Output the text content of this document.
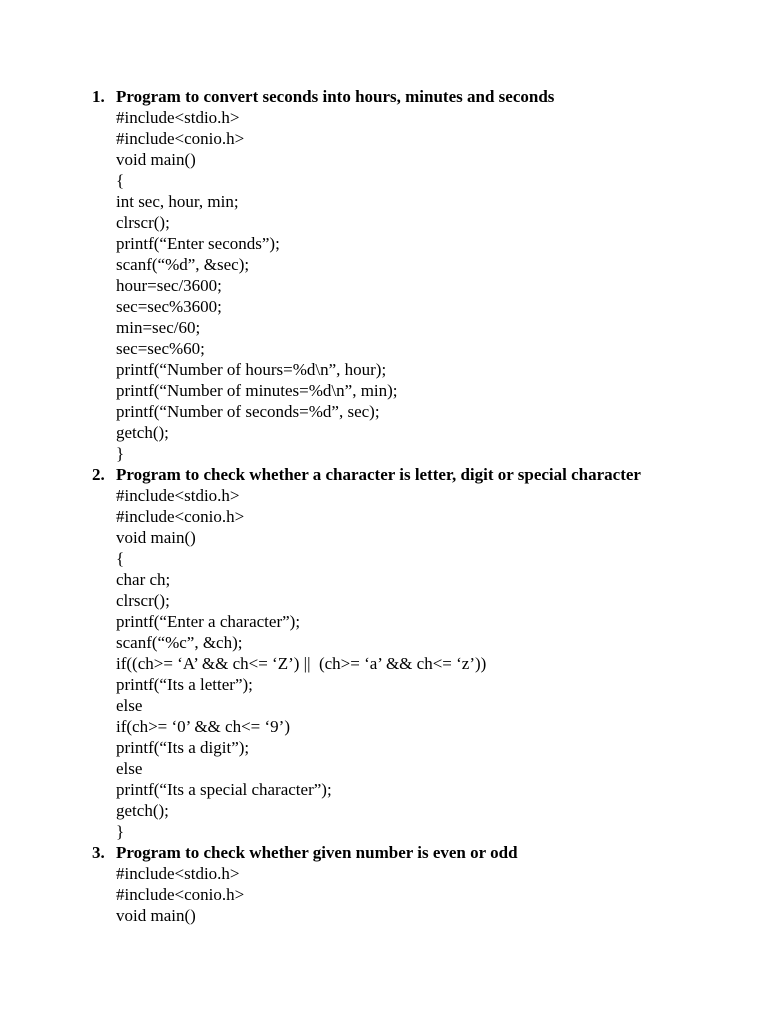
1. Program to convert seconds into hours, minutes and seconds
#include<stdio.h>
#include<conio.h>
void main()
{
int sec, hour, min;
clrscr();
printf(“Enter seconds”);
scanf(“%d”, &sec);
hour=sec/3600;
sec=sec%3600;
min=sec/60;
sec=sec%60;
printf(“Number of hours=%d\n”, hour);
printf(“Number of minutes=%d\n”, min);
printf(“Number of seconds=%d”, sec);
getch();
}
2. Program to check whether a character is letter, digit or special character
#include<stdio.h>
#include<conio.h>
void main()
{
char ch;
clrscr();
printf(“Enter a character”);
scanf(“%c”, &ch);
if((ch>= ‘A’ && ch<= ‘Z’) ||  (ch>= ‘a’ && ch<= ‘z’))
printf(“Its a letter”);
else
if(ch>= ‘0’ && ch<= ‘9’)
printf(“Its a digit”);
else
printf(“Its a special character”);
getch();
}
3. Program to check whether given number is even or odd
#include<stdio.h>
#include<conio.h>
void main()
